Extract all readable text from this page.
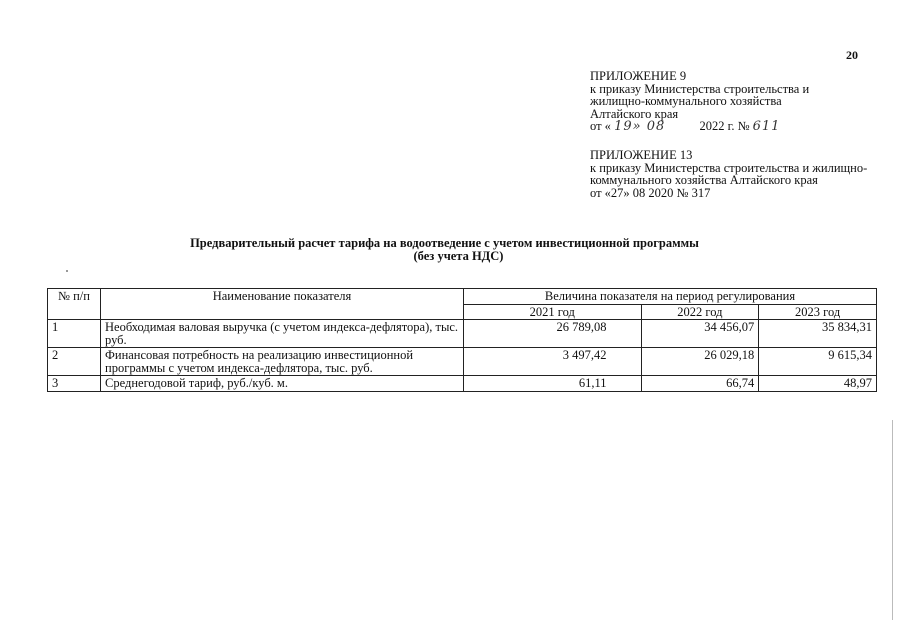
20
ПРИЛОЖЕНИЕ 9
к приказу Министерства строительства и
жилищно-коммунального хозяйства
Алтайского края
от « 19» 08	2022 г. № 611
ПРИЛОЖЕНИЕ 13
к приказу Министерства строительства и жилищно-
коммунального хозяйства Алтайского края
от «27» 08 2020 № 317
Предварительный расчет тарифа на водоотведение с учетом инвестиционной программы
(без учета НДС)
№ п/п	Наименование показателя	Величина показателя на период регулирования		
		2021 год	2022 год	2023 год
1	Необходимая валовая выручка (с учетом индекса-дефлятора), тыс. руб.	26 789,08	34 456,07	35 834,31
2	Финансовая потребность на реализацию инвестиционной программы с учетом индекса-дефлятора, тыс. руб.	3 497,42	26 029,18	9 615,34
3	Среднегодовой тариф, руб./куб. м.	61,11	66,74	48,97
